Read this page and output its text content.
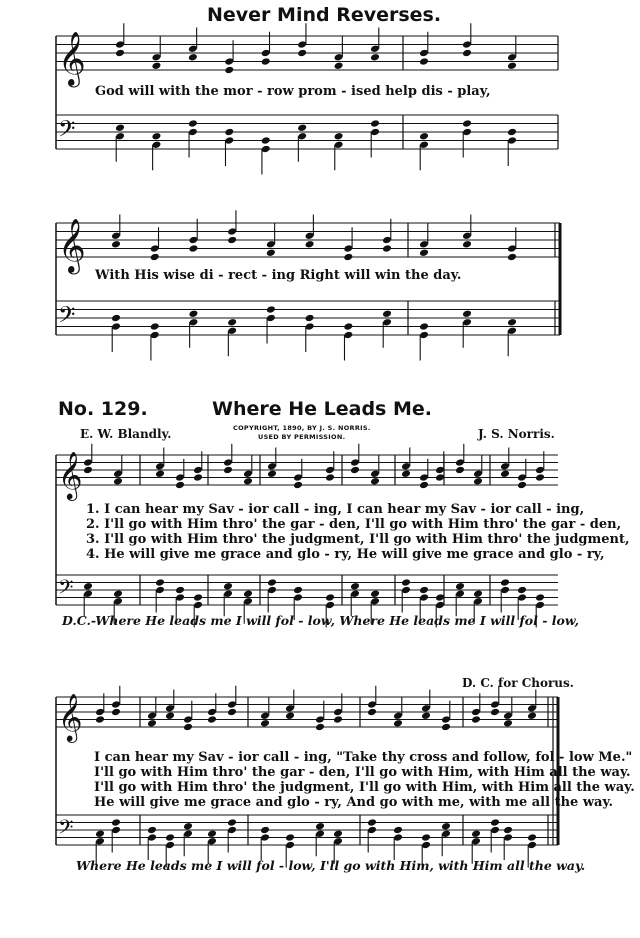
𝄞
𝄢
𝄞
𝄢
𝄞
𝄢
𝄞
𝄢
Never Mind Reverses.
God will with the mor - row prom - ised help dis - play,
With His wise di - rect - ing Right will win the day.
No. 129.	Where He Leads Me.
E. W. Blandly.	COPYRIGHT, 1890, BY J. S. NORRIS.
USED BY PERMISSION.	J. S. Norris.
1. I can hear my Sav - ior call - ing, I can hear my Sav - ior call - ing,
2. I'll go with Him thro' the gar - den, I'll go with Him thro' the gar - den,
3. I'll go with Him thro' the judgment, I'll go with Him thro' the judgment,
4. He will give me grace and glo - ry, He will give me grace and glo - ry,
D.C.-Where He leads me I will fol - low, Where He leads me I will fol - low,
D. C. for Chorus.
I can hear my Sav - ior call - ing, "Take thy cross and follow, fol - low Me."
I'll go with Him thro' the gar - den, I'll go with Him, with Him all the way.
I'll go with Him thro' the judgment, I'll go with Him, with Him all the way.
He will give me grace and glo - ry, And go with me, with me all the way.
Where He leads me I will fol - low, I'll go with Him, with Him all the way.
